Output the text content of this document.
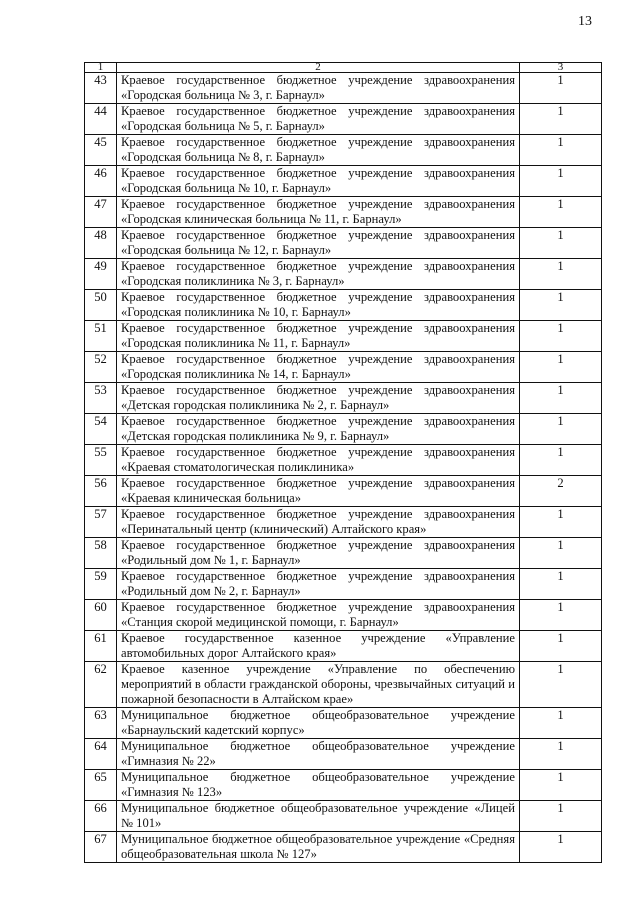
13
1	2	3
43	Краевое государственное бюджетное учреждение здравоохранения «Городская больница № 3, г. Барнаул»	1
44	Краевое государственное бюджетное учреждение здравоохранения «Городская больница № 5, г. Барнаул»	1
45	Краевое государственное бюджетное учреждение здравоохранения «Городская больница № 8, г. Барнаул»	1
46	Краевое государственное бюджетное учреждение здравоохранения «Городская больница № 10, г. Барнаул»	1
47	Краевое государственное бюджетное учреждение здравоохранения «Городская клиническая больница № 11, г. Барнаул»	1
48	Краевое государственное бюджетное учреждение здравоохранения «Городская больница № 12, г. Барнаул»	1
49	Краевое государственное бюджетное учреждение здравоохранения «Городская поликлиника № 3, г. Барнаул»	1
50	Краевое государственное бюджетное учреждение здравоохранения «Городская поликлиника № 10, г. Барнаул»	1
51	Краевое государственное бюджетное учреждение здравоохранения «Городская поликлиника № 11, г. Барнаул»	1
52	Краевое государственное бюджетное учреждение здравоохранения «Городская поликлиника № 14, г. Барнаул»	1
53	Краевое государственное бюджетное учреждение здравоохранения «Детская городская поликлиника № 2, г. Барнаул»	1
54	Краевое государственное бюджетное учреждение здравоохранения «Детская городская поликлиника № 9, г. Барнаул»	1
55	Краевое государственное бюджетное учреждение здравоохранения «Краевая стоматологическая поликлиника»	1
56	Краевое государственное бюджетное учреждение здравоохранения «Краевая клиническая больница»	2
57	Краевое государственное бюджетное учреждение здравоохранения «Перинатальный центр (клинический) Алтайского края»	1
58	Краевое государственное бюджетное учреждение здравоохранения «Родильный дом № 1, г. Барнаул»	1
59	Краевое государственное бюджетное учреждение здравоохранения «Родильный дом № 2, г. Барнаул»	1
60	Краевое государственное бюджетное учреждение здравоохранения «Станция скорой медицинской помощи, г. Барнаул»	1
61	Краевое государственное казенное учреждение «Управление автомобильных дорог Алтайского края»	1
62	Краевое казенное учреждение «Управление по обеспечению мероприятий в области гражданской обороны, чрезвычайных ситуаций и пожарной безопасности в Алтайском крае»	1
63	Муниципальное бюджетное общеобразовательное учреждение «Барнаульский кадетский корпус»	1
64	Муниципальное бюджетное общеобразовательное учреждение «Гимназия № 22»	1
65	Муниципальное бюджетное общеобразовательное учреждение «Гимназия № 123»	1
66	Муниципальное бюджетное общеобразовательное учреждение «Лицей № 101»	1
67	Муниципальное бюджетное общеобразовательное учреждение «Средняя общеобразовательная школа № 127»	1
